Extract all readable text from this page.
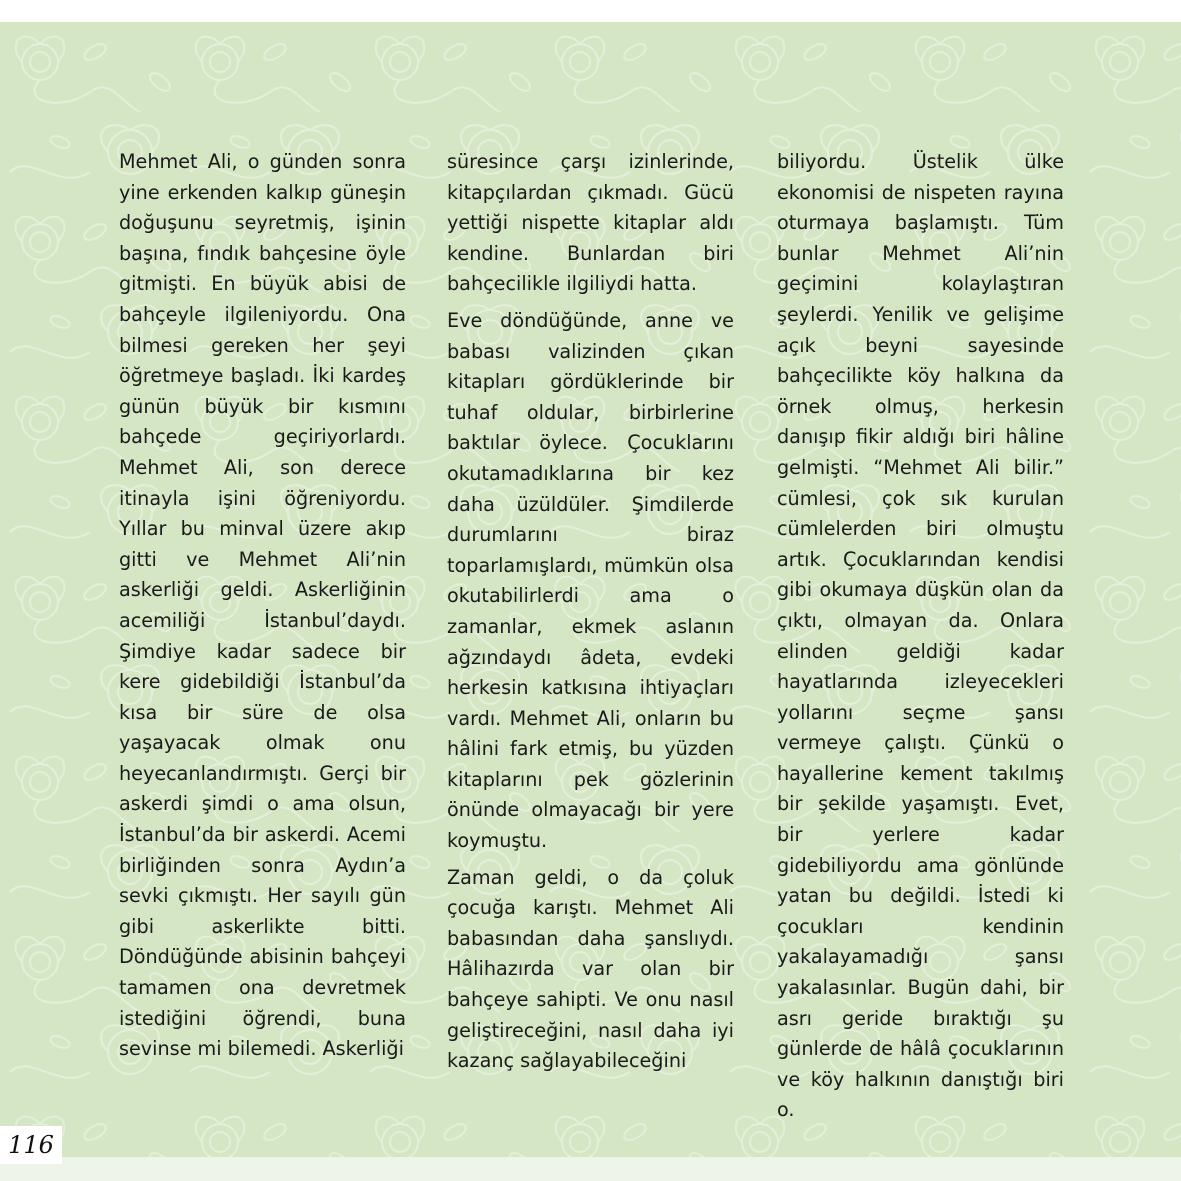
Mehmet Ali, o günden sonra yine erkenden kalkıp güneşin doğuşunu seyretmiş, işinin başına, fındık bahçesine öyle gitmişti. En büyük abisi de bahçeyle ilgileniyordu. Ona bilmesi gereken her şeyi öğretmeye başladı. İki kardeş günün büyük bir kısmını bahçede geçiriyorlardı. Mehmet Ali, son derece itinayla işini öğreniyordu. Yıllar bu minval üzere akıp gitti ve Mehmet Ali’nin askerliği geldi. Askerliğinin acemiliği İstanbul’daydı. Şimdiye kadar sadece bir kere gidebildiği İstanbul’da kısa bir süre de olsa yaşayacak olmak onu heyecanlandırmıştı. Gerçi bir askerdi şimdi o ama olsun, İstanbul’da bir askerdi. Acemi birliğinden sonra Aydın’a sevki çıkmıştı. Her sayılı gün gibi askerlikte bitti. Döndüğünde abisinin bahçeyi tamamen ona devretmek istediğini öğrendi, buna sevinse mi bilemedi. Askerliği

süresince çarşı izinlerinde, kitapçılardan çıkmadı. Gücü yettiği nispette kitaplar aldı kendine. Bunlardan biri bahçecilikle ilgiliydi hatta.

Eve döndüğünde, anne ve babası valizinden çıkan kitapları gördüklerinde bir tuhaf oldular, birbirlerine baktılar öylece. Çocuklarını okutamadıklarına bir kez daha üzüldüler. Şimdilerde durumlarını biraz toparlamışlardı, mümkün olsa okutabilirlerdi ama o zamanlar, ekmek aslanın ağzındaydı âdeta, evdeki herkesin katkısına ihtiyaçları vardı. Mehmet Ali, onların bu hâlini fark etmiş, bu yüzden kitaplarını pek gözlerinin önünde olmayacağı bir yere koymuştu.

Zaman geldi, o da çoluk çocuğa karıştı. Mehmet Ali babasından daha şanslıydı. Hâlihazırda var olan bir bahçeye sahipti. Ve onu nasıl geliştireceğini, nasıl daha iyi kazanç sağlayabileceğini

biliyordu. Üstelik ülke ekonomisi de nispeten rayına oturmaya başlamıştı. Tüm bunlar Mehmet Ali’nin geçimini kolaylaştıran şeylerdi. Yenilik ve gelişime açık beyni sayesinde bahçecilikte köy halkına da örnek olmuş, herkesin danışıp fikir aldığı biri hâline gelmişti. “Mehmet Ali bilir.” cümlesi, çok sık kurulan cümlelerden biri olmuştu artık. Çocuklarından kendisi gibi okumaya düşkün olan da çıktı, olmayan da. Onlara elinden geldiği kadar hayatlarında izleyecekleri yollarını seçme şansı vermeye çalıştı. Çünkü o hayallerine kement takılmış bir şekilde yaşamıştı. Evet, bir yerlere kadar gidebiliyordu ama gönlünde yatan bu değildi. İstedi ki çocukları kendinin yakalayamadığı şansı yakalasınlar. Bugün dahi, bir asrı geride bıraktığı şu günlerde de hâlâ çocuklarının ve köy halkının danıştığı biri o.

116
